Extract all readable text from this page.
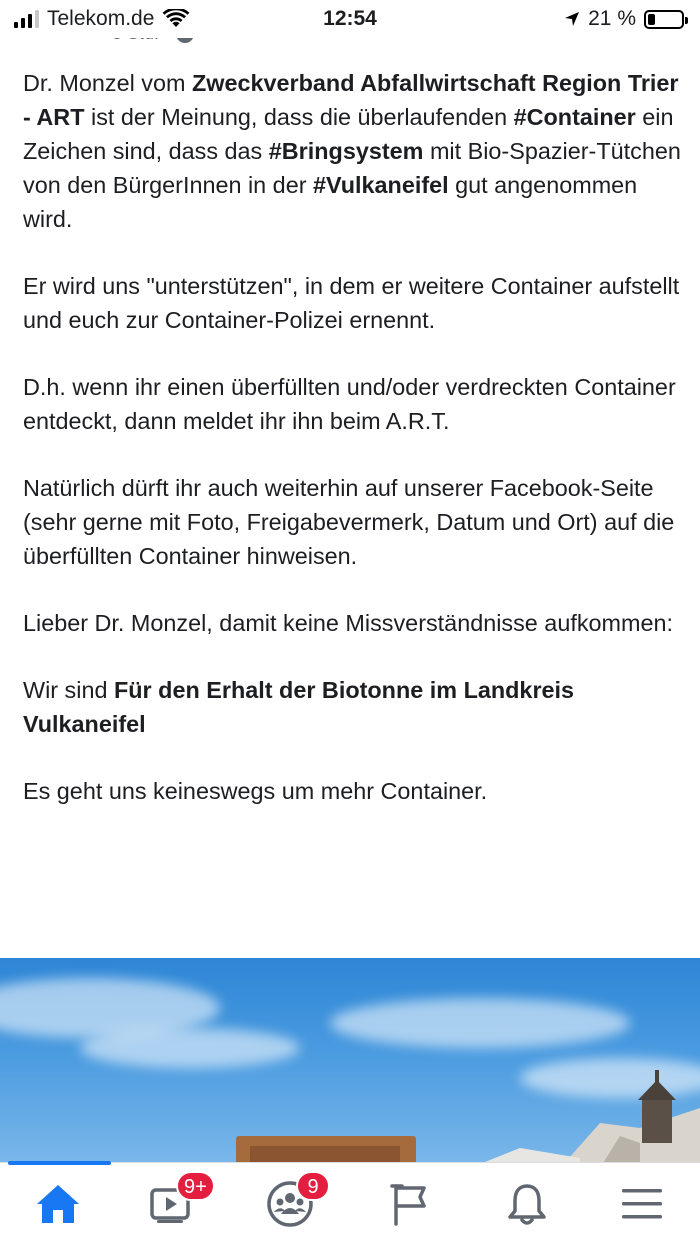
Telekom.de	12:54	21 %

Dr. Monzel vom Zweckverband Abfallwirtschaft Region Trier - ART ist der Meinung, dass die überlaufenden #Container ein Zeichen sind, dass das #Bringsystem mit Bio-Spazier-Tütchen von den BürgerInnen in der #Vulkaneifel gut angenommen wird.

Er wird uns "unterstützen", in dem er weitere Container aufstellt und euch zur Container-Polizei ernennt.

D.h. wenn ihr einen überfüllten und/oder verdreckten Container entdeckt, dann meldet ihr ihn beim A.R.T.

Natürlich dürft ihr auch weiterhin auf unserer Facebook-Seite (sehr gerne mit Foto, Freigabevermerk, Datum und Ort) auf die überfüllten Container hinweisen.

Lieber Dr. Monzel, damit keine Missverständnisse aufkommen:

Wir sind Für den Erhalt der Biotonne im Landkreis Vulkaneifel

Es geht uns keineswegs um mehr Container.

9+	9
